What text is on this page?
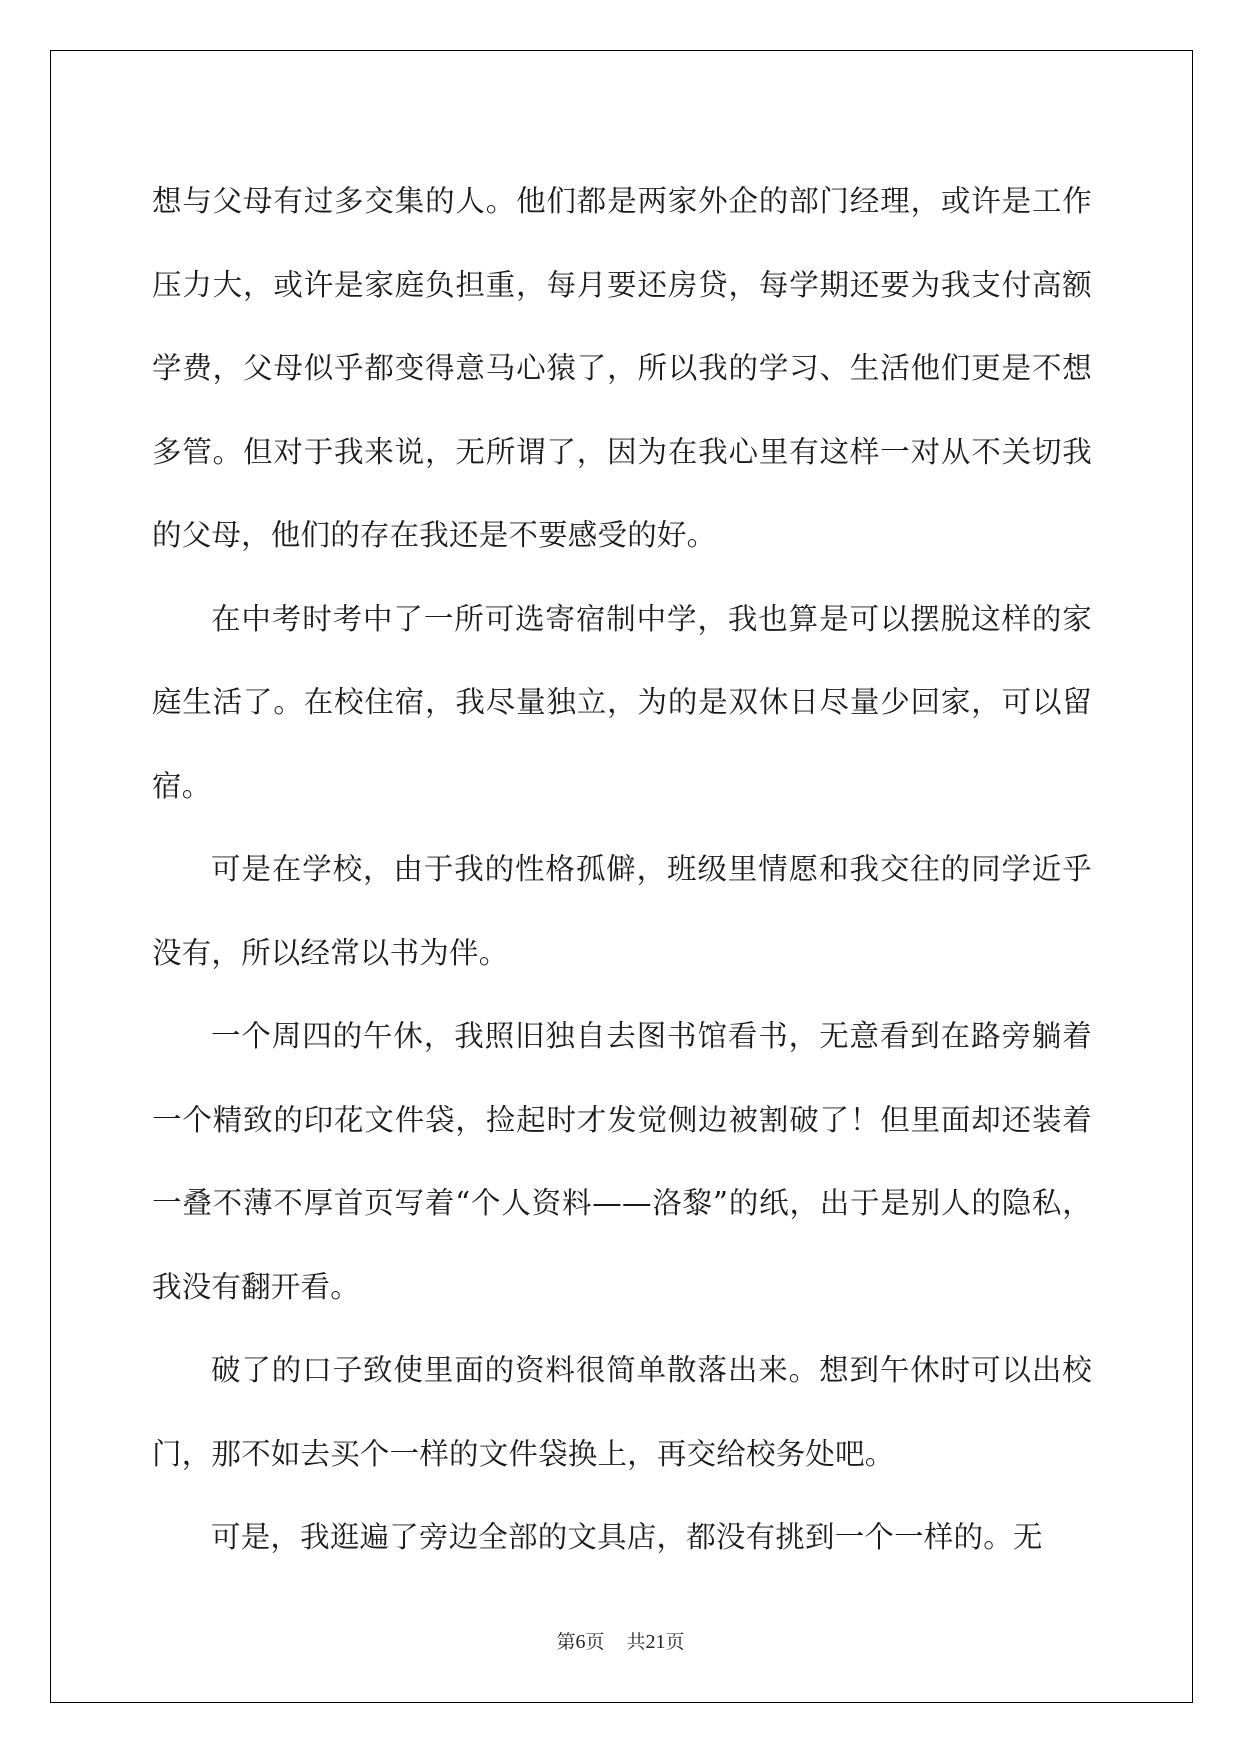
想与父母有过多交集的人。他们都是两家外企的部门经理，或许是工作压力大，或许是家庭负担重，每月要还房贷，每学期还要为我支付高额学费，父母似乎都变得意马心猿了，所以我的学习、生活他们更是不想多管。但对于我来说，无所谓了，因为在我心里有这样一对从不关切我的父母，他们的存在我还是不要感受的好。

在中考时考中了一所可选寄宿制中学，我也算是可以摆脱这样的家庭生活了。在校住宿，我尽量独立，为的是双休日尽量少回家，可以留宿。

可是在学校，由于我的性格孤僻，班级里情愿和我交往的同学近乎没有，所以经常以书为伴。

一个周四的午休，我照旧独自去图书馆看书，无意看到在路旁躺着一个精致的印花文件袋，捡起时才发觉侧边被割破了！但里面却还装着一叠不薄不厚首页写着“个人资料——洛黎”的纸，出于是别人的隐私，我没有翻开看。

破了的口子致使里面的资料很简单散落出来。想到午休时可以出校门，那不如去买个一样的文件袋换上，再交给校务处吧。

可是，我逛遍了旁边全部的文具店，都没有挑到一个一样的。无

第6页 共21页
